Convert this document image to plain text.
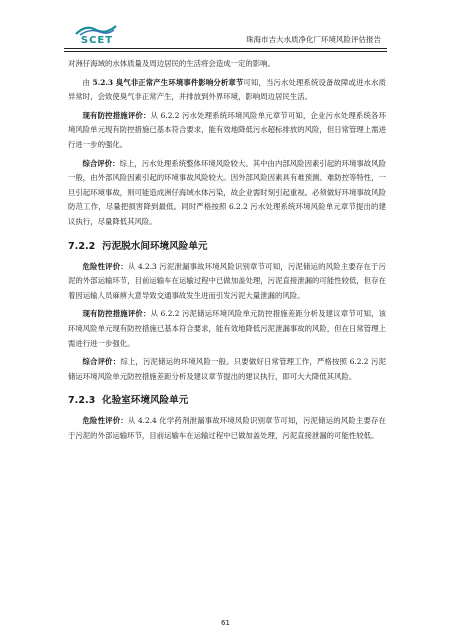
SCET	珠海市吉大水质净化厂环境风险评估报告

对洲仔海域的水体质量及周边居民的生活将会造成一定的影响。

由 5.2.3 臭气非正常产生环境事件影响分析章节可知，当污水处理系统设备故障或进水水质异常时，会致使臭气非正常产生，并排放到外界环境，影响周边居民生活。

现有防控措施评价：从 6.2.2 污水处理系统环境风险单元章节可知，企业污水处理系统各环境风险单元现有防控措施已基本符合要求，能有效地降低污水超标排放的风险，但日常管理上需进行进一步的强化。

综合评价：综上，污水处理系统整体环境风险较大。其中由内部风险因素引起的环境事故风险一般，由外部风险因素引起的环境事故风险较大。因外部风险因素具有难预测、难防控等特性，一旦引起环境事故，则可能造成洲仔海域水体污染，故企业需时刻引起重视。必须做好环境事故风险防范工作，尽量把损害降到最低。同时严格按照 6.2.2 污水处理系统环境风险单元章节提出的建议执行，尽量降低其风险。

7.2.2 污泥脱水间环境风险单元

危险性评价：从 4.2.3 污泥泄漏事故环境风险识别章节可知，污泥储运的风险主要存在于污泥的外部运输环节，目前运输车在运输过程中已做加盖处理，污泥直接泄漏的可能性较低，但存在着因运输人员麻痹大意导致交通事故发生进而引发污泥大量泄漏的风险。

现有防控措施评价：从 6.2.2 污泥储运环境风险单元防控措施差距分析及建议章节可知，该环境风险单元现有防控措施已基本符合要求，能有效地降低污泥泄漏事故的风险，但在日常管理上需进行进一步强化。

综合评价：综上，污泥储运的环境风险一般。只要做好日常管理工作，严格按照 6.2.2 污泥储运环境风险单元防控措施差距分析及建议章节提出的建议执行，即可大大降低其风险。

7.2.3 化验室环境风险单元

危险性评价：从 4.2.4 化学药剂泄漏事故环境风险识别章节可知，污泥储运的风险主要存在于污泥的外部运输环节，目前运输车在运输过程中已做加盖处理，污泥直接泄漏的可能性较低。

61
